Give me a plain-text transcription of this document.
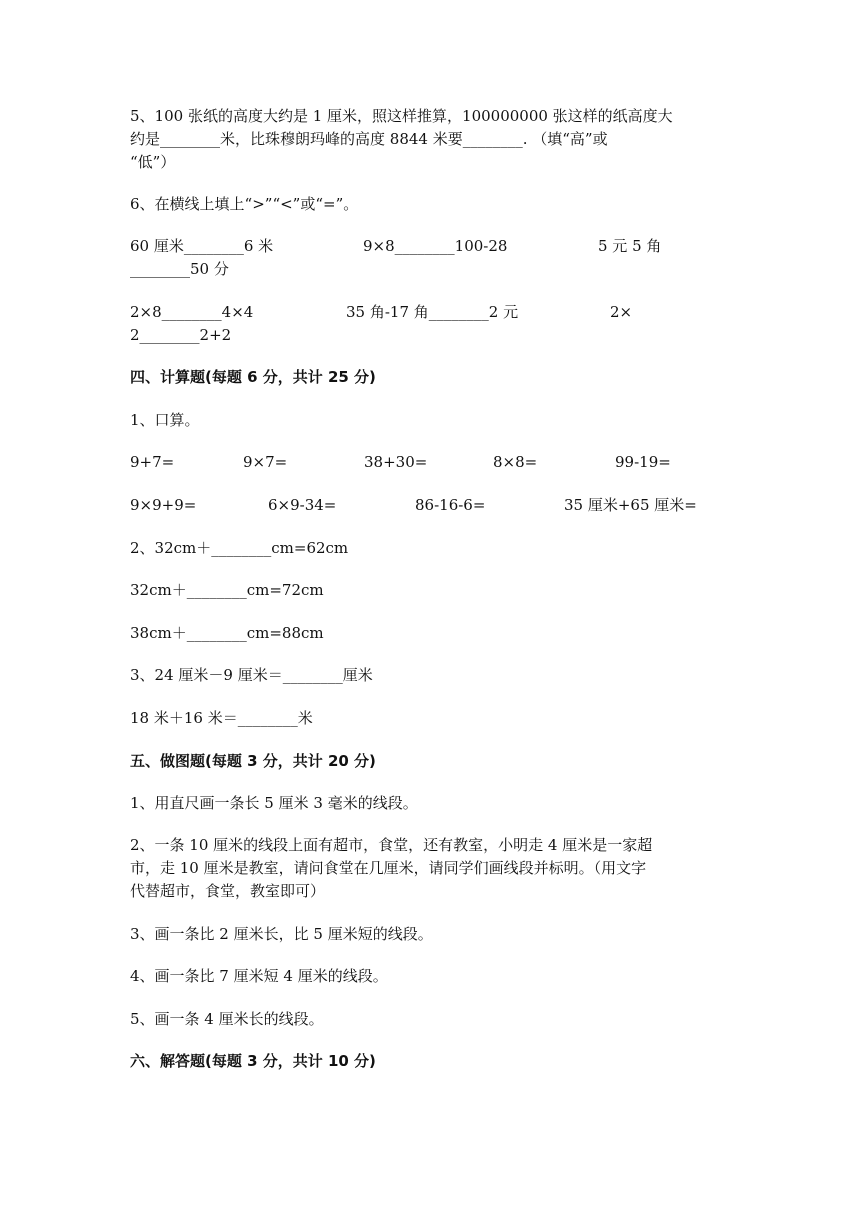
5、100 张纸的高度大约是 1 厘米，照这样推算，100000000 张这样的纸高度大
约是________米，比珠穆朗玛峰的高度 8844 米要________. （填“高”或
“低”）
6、在横线上填上“>”“<”或“=”。
60 厘米________6 米	9×8________100-28	5 元 5 角
________50 分
2×8________4×4	35 角-17 角________2 元	2×
2________2+2
四、计算题(每题 6 分，共计 25 分)
1、口算。
9+7=	9×7=	38+30=	8×8=	99-19=
9×9+9=	6×9-34=	86-16-6=	35 厘米+65 厘米=
2、32cm＋________cm=62cm
32cm＋________cm=72cm
38cm＋________cm=88cm
3、24 厘米－9 厘米＝________厘米
18 米＋16 米＝________米
五、做图题(每题 3 分，共计 20 分)
1、用直尺画一条长 5 厘米 3 毫米的线段。
2、一条 10 厘米的线段上面有超市，食堂，还有教室，小明走 4 厘米是一家超
市，走 10 厘米是教室，请问食堂在几厘米，请同学们画线段并标明。（用文字
代替超市，食堂，教室即可）
3、画一条比 2 厘米长，比 5 厘米短的线段。
4、画一条比 7 厘米短 4 厘米的线段。
5、画一条 4 厘米长的线段。
六、解答题(每题 3 分，共计 10 分)
